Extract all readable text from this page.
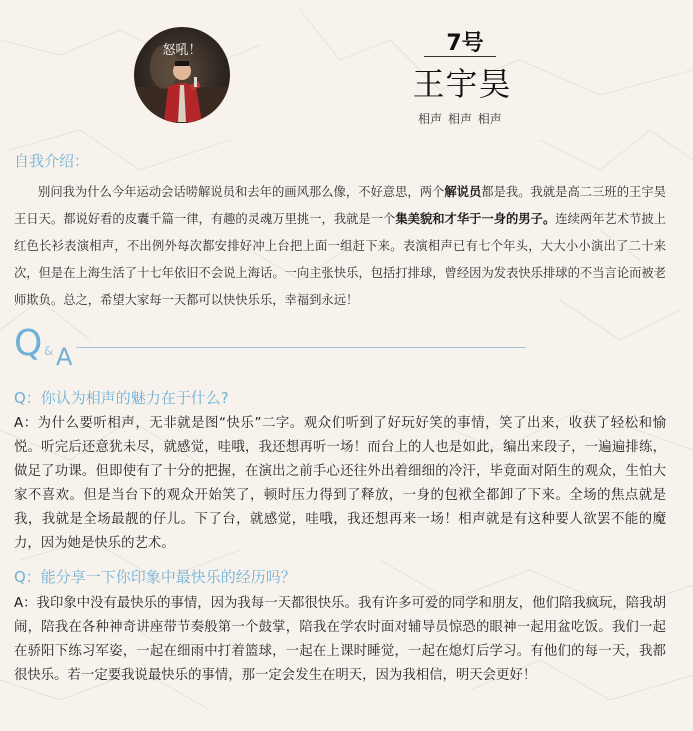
怒吼！	7号
王宇昊
相声 相声 相声
自我介绍：
别问我为什么今年运动会话唠解说员和去年的画风那么像，不好意思，两个解说员都是我。我就是高二三班的王宇昊王日天。都说好看的皮囊千篇一律，有趣的灵魂万里挑一，我就是一个集美貌和才华于一身的男子。连续两年艺术节披上红色长衫表演相声，不出例外每次都安排好冲上台把上面一组赶下来。表演相声已有七个年头，大大小小演出了二十来次，但是在上海生活了十七年依旧不会说上海话。一向主张快乐，包括打排球，曾经因为发表快乐排球的不当言论而被老师欺负。总之，希望大家每一天都可以快快乐乐，幸福到永远！
Q & A
Q：你认为相声的魅力在于什么?
A：为什么要听相声，无非就是图“快乐”二字。观众们听到了好玩好笑的事情，笑了出来，收获了轻松和愉悦。听完后还意犹未尽，就感觉，哇哦，我还想再听一场！而台上的人也是如此，编出来段子，一遍遍排练，做足了功课。但即使有了十分的把握，在演出之前手心还往外出着细细的冷汗，毕竟面对陌生的观众，生怕大家不喜欢。但是当台下的观众开始笑了，顿时压力得到了释放，一身的包袱全都卸了下来。全场的焦点就是我，我就是全场最靓的仔儿。下了台，就感觉，哇哦，我还想再来一场！相声就是有这种要人欲罢不能的魔力，因为她是快乐的艺术。
Q：能分享一下你印象中最快乐的经历吗？
A：我印象中没有最快乐的事情，因为我每一天都很快乐。我有许多可爱的同学和朋友，他们陪我疯玩，陪我胡闹，陪我在各种神奇讲座带节奏般第一个鼓掌，陪我在学农时面对辅导员惊恐的眼神一起用盆吃饭。我们一起在骄阳下练习军姿，一起在细雨中打着篮球，一起在上课时睡觉，一起在熄灯后学习。有他们的每一天，我都很快乐。若一定要我说最快乐的事情，那一定会发生在明天，因为我相信，明天会更好！
